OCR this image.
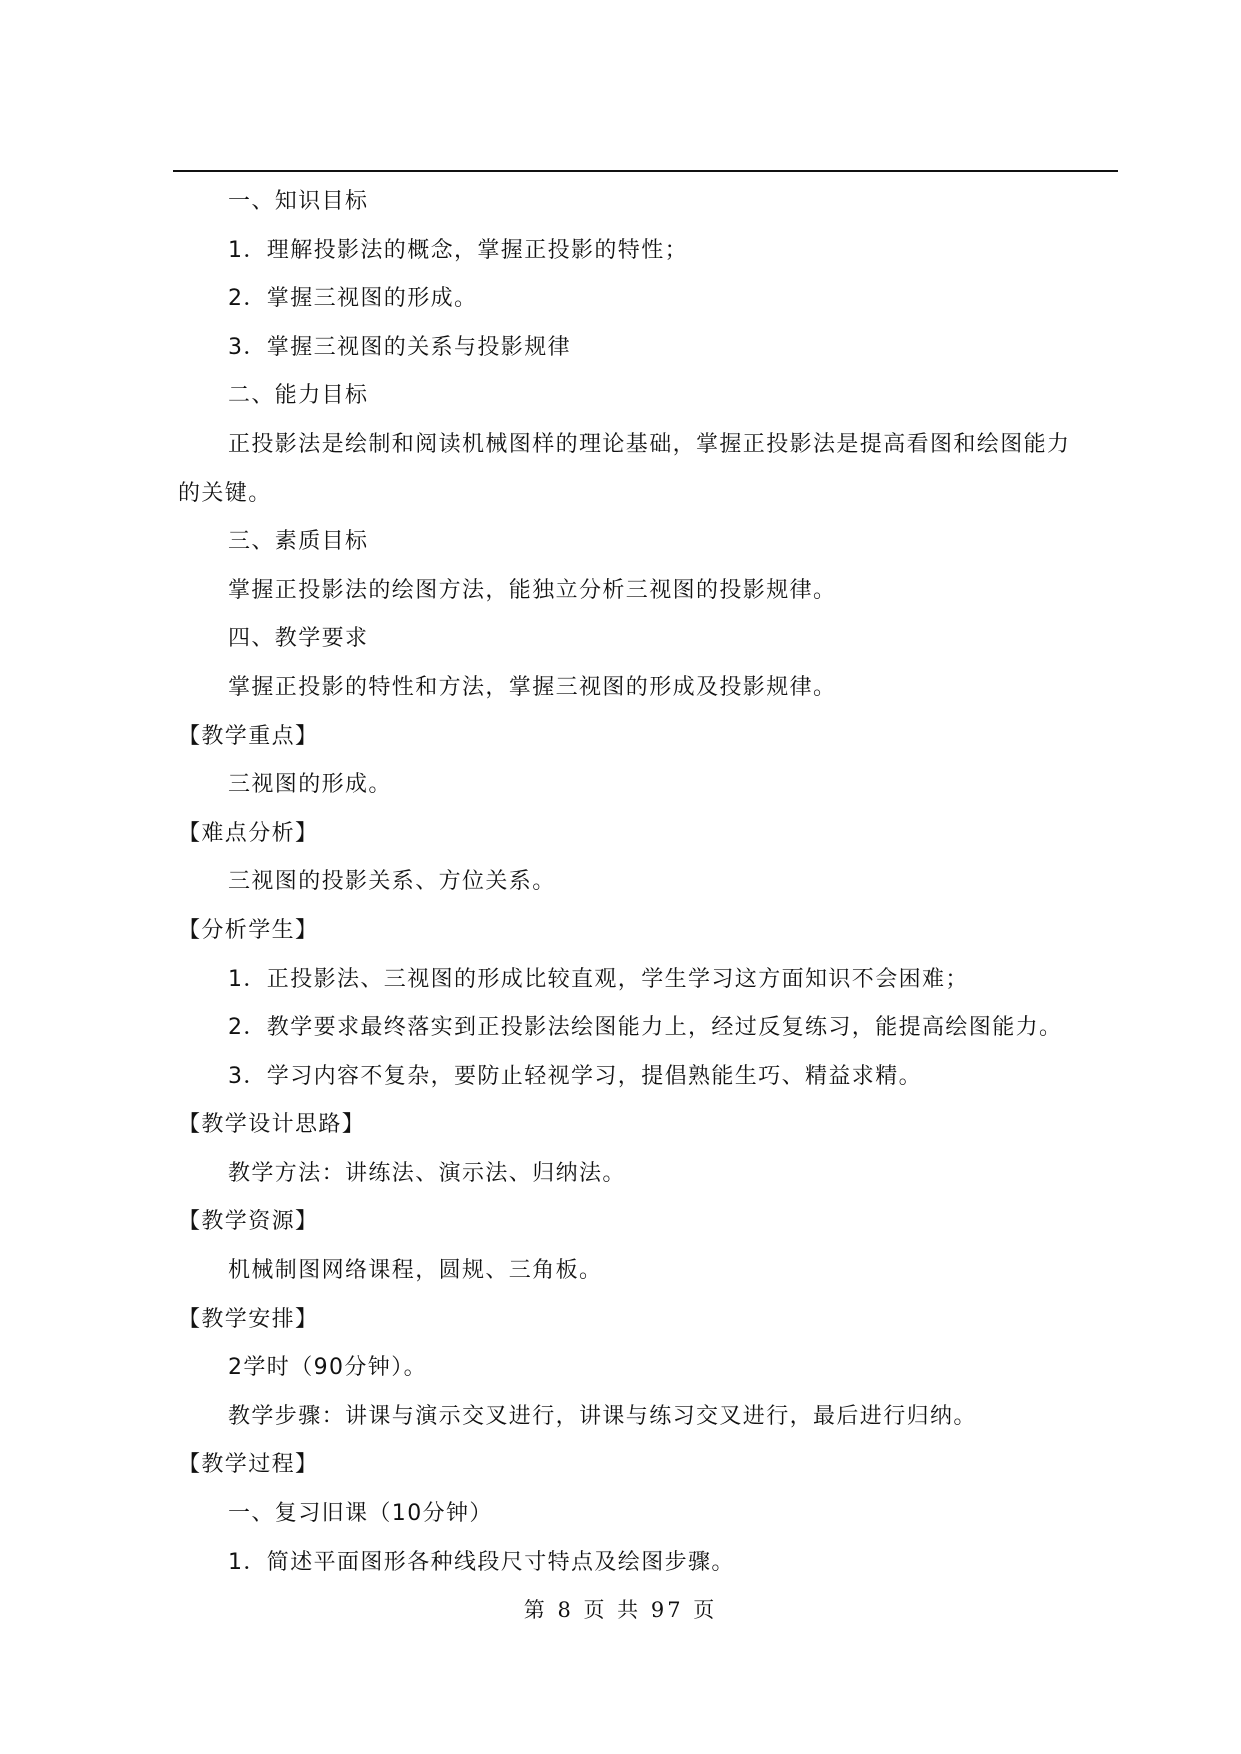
一、知识目标
1．理解投影法的概念，掌握正投影的特性；
2．掌握三视图的形成。
3．掌握三视图的关系与投影规律
二、能力目标
正投影法是绘制和阅读机械图样的理论基础，掌握正投影法是提高看图和绘图能力
的关键。
三、素质目标
掌握正投影法的绘图方法，能独立分析三视图的投影规律。
四、教学要求
掌握正投影的特性和方法，掌握三视图的形成及投影规律。
【教学重点】
三视图的形成。
【难点分析】
三视图的投影关系、方位关系。
【分析学生】
1．正投影法、三视图的形成比较直观，学生学习这方面知识不会困难；
2．教学要求最终落实到正投影法绘图能力上，经过反复练习，能提高绘图能力。
3．学习内容不复杂，要防止轻视学习，提倡熟能生巧、精益求精。
【教学设计思路】
教学方法：讲练法、演示法、归纳法。
【教学资源】
机械制图网络课程，圆规、三角板。
【教学安排】
2学时（90分钟）。
教学步骤：讲课与演示交叉进行，讲课与练习交叉进行，最后进行归纳。
【教学过程】
一、复习旧课（10分钟）
1．简述平面图形各种线段尺寸特点及绘图步骤。
第 8 页 共 97 页
